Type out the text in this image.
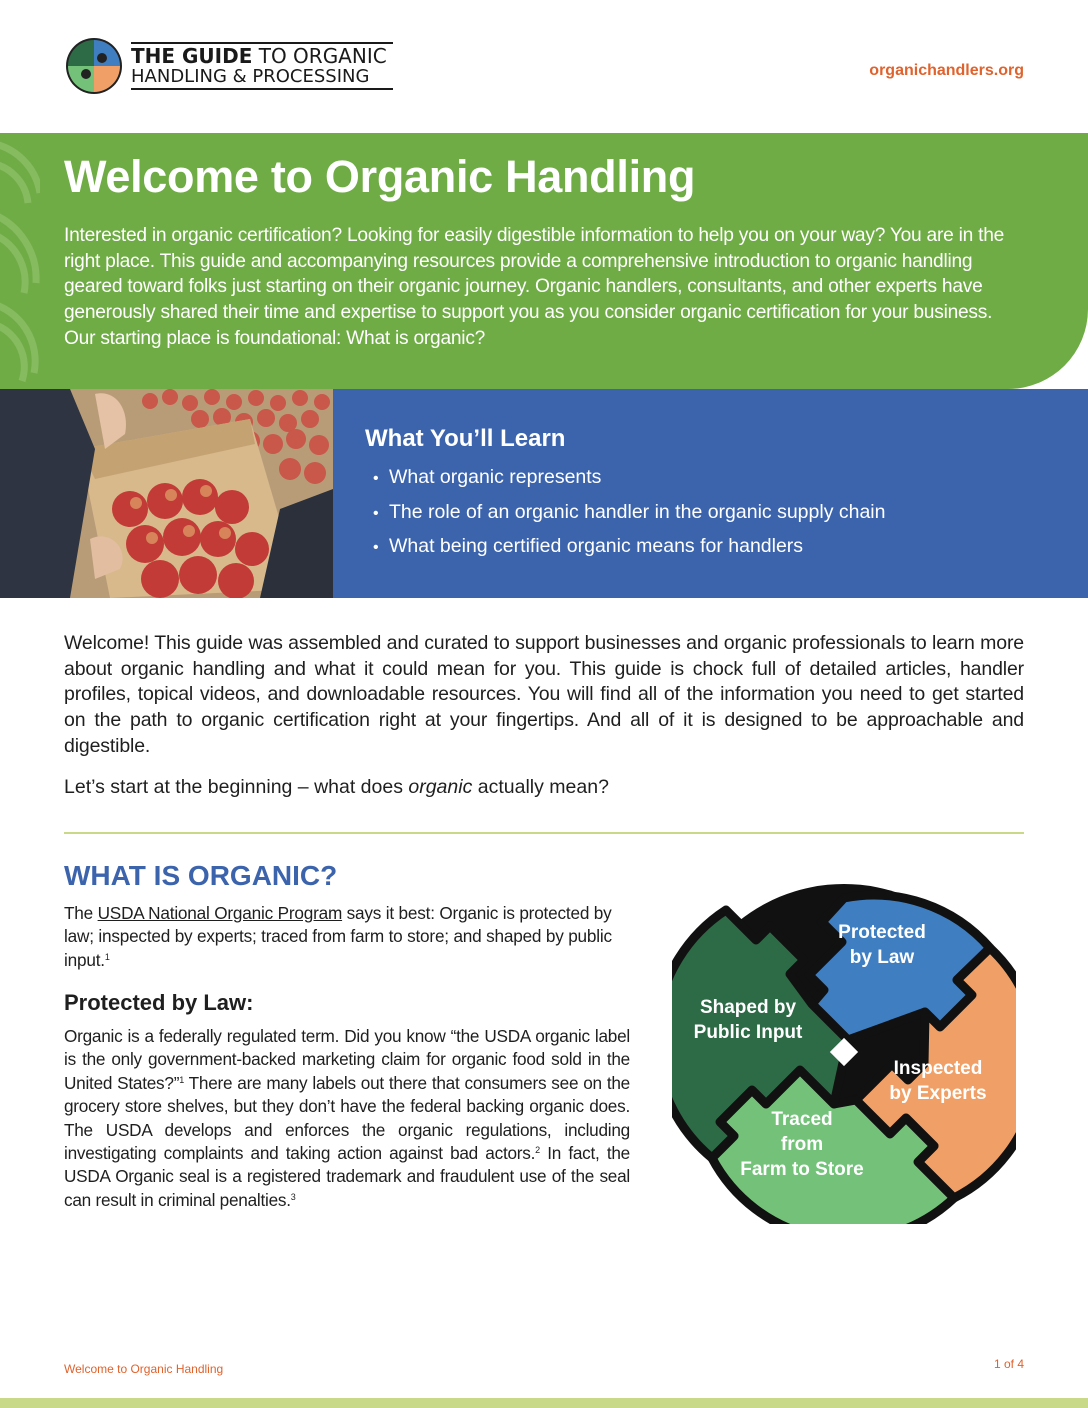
THE GUIDE TO ORGANIC
HANDLING & PROCESSING	organichandlers.org
Welcome to Organic Handling
Interested in organic certification? Looking for easily digestible information to help you on your way? You are in the right place. This guide and accompanying resources provide a comprehensive introduction to organic handling geared toward folks just starting on their organic journey. Organic handlers, consultants, and other experts have generously shared their time and expertise to support you as you consider organic certification for your business. Our starting place is foundational: What is organic?
What You’ll Learn
• What organic represents
• The role of an organic handler in the organic supply chain
• What being certified organic means for handlers
Welcome! This guide was assembled and curated to support businesses and organic professionals to learn more about organic handling and what it could mean for you. This guide is chock full of detailed articles, handler profiles, topical videos, and downloadable resources. You will find all of the information you need to get started on the path to organic certification right at your fingertips. And all of it is designed to be approachable and digestible.
Let’s start at the beginning – what does organic actually mean?
WHAT IS ORGANIC?
The USDA National Organic Program says it best: Organic is protected by law; inspected by experts; traced from farm to store; and shaped by public input.$^1$
Protected by Law:
Organic is a federally regulated term. Did you know “the USDA organic label is the only government-backed marketing claim for organic food sold in the United States?”$^1$ There are many labels out there that consumers see on the grocery store shelves, but they don’t have the federal backing organic does. The USDA develops and enforces the organic regulations, including investigating complaints and taking action against bad actors.$^2$ In fact, the USDA Organic seal is a registered trademark and fraudulent use of the seal can result in criminal penalties.$^3$
Protected
by Law
Inspected
by Experts
Traced
from
Farm to Store
Shaped by
Public Input
Welcome to Organic Handling	1 of 4
